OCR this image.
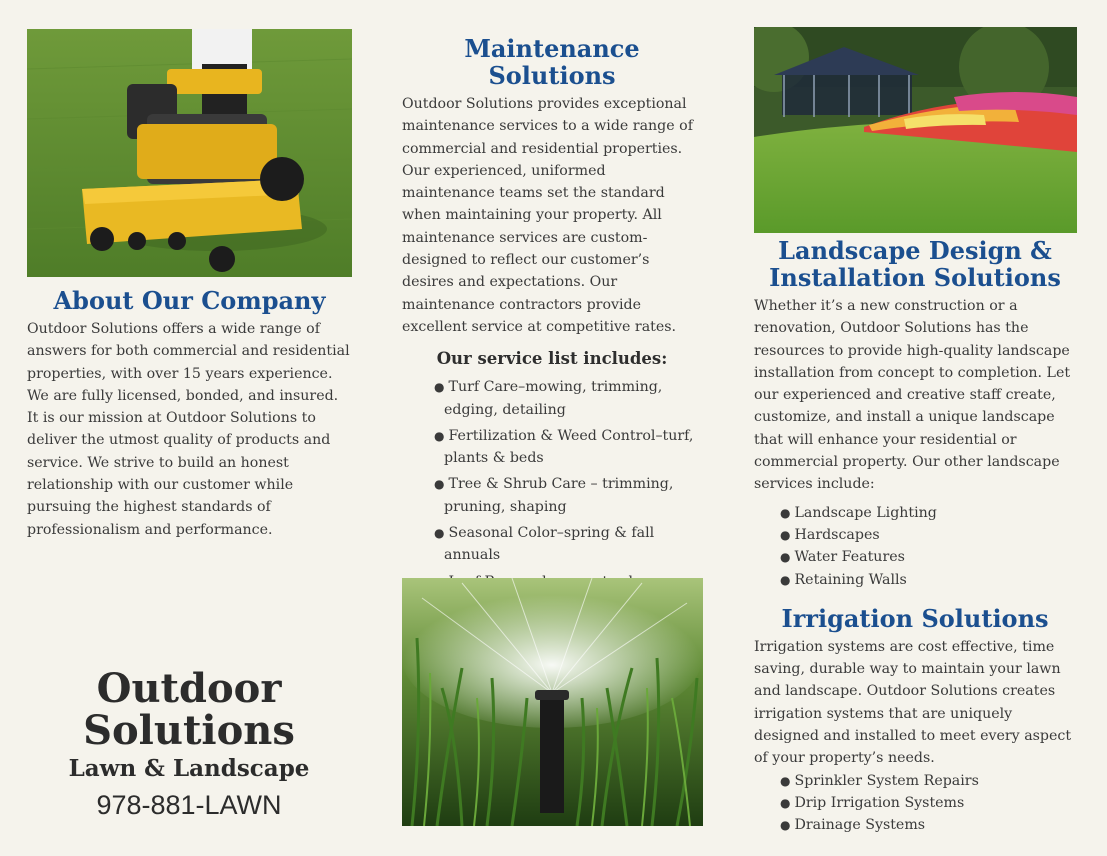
About Our Company

Outdoor Solutions offers a wide range of answers for both commercial and residential properties, with over 15 years experience. We are fully licensed, bonded, and insured. It is our mission at Outdoor Solutions to deliver the utmost quality of products and service. We strive to build an honest relationship with our customer while pursuing the highest standards of professionalism and performance.

Outdoor
Solutions
Lawn & Landscape
978-881-LAWN
Maintenance Solutions

Outdoor Solutions provides exceptional maintenance services to a wide range of commercial and residential properties. Our experienced, uniformed maintenance teams set the standard when maintaining your property. All maintenance services are custom-designed to reflect our customer’s desires and expectations. Our maintenance contractors provide excellent service at competitive rates.

Our service list includes:
● Turf Care–mowing, trimming, edging, detailing
● Fertilization & Weed Control–turf, plants & beds
● Tree & Shrub Care – trimming, pruning, shaping
● Seasonal Color–spring & fall annuals
Landscape Design &
Installation Solutions

Whether it’s a new construction or a renovation, Outdoor Solutions has the resources to provide high-quality landscape installation from concept to completion. Let our experienced and creative staff create, customize, and install a unique landscape that will enhance your residential or commercial property. Our other landscape services include:

● Landscape Lighting
● Hardscapes
● Water Features
● Retaining Walls
Irrigation Solutions

Irrigation systems are cost effective, time saving, durable way to maintain your lawn and landscape. Outdoor Solutions creates irrigation systems that are uniquely designed and installed to meet every aspect of your property’s needs.

● Sprinkler System Repairs
● Drip Irrigation Systems
● Drainage Systems
